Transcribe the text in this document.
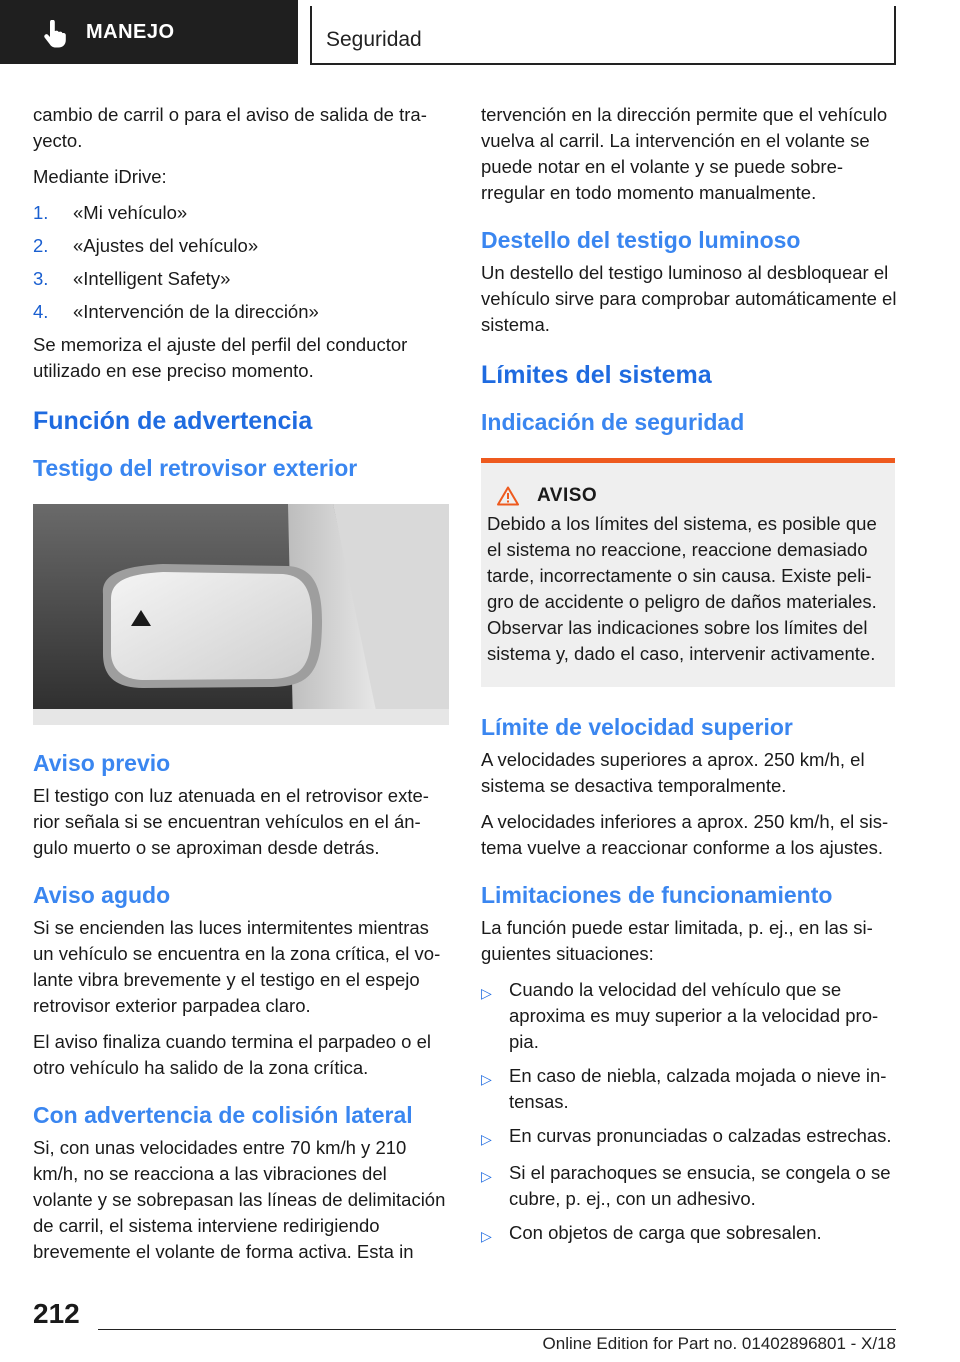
MANEJO	Seguridad

cambio de carril o para el aviso de salida de trayecto.

Mediante iDrive:

1.	«Mi vehículo»
2.	«Ajustes del vehículo»
3.	«Intelligent Safety»
4.	«Intervención de la dirección»

Se memoriza el ajuste del perfil del conductor utilizado en ese preciso momento.

Función de advertencia
Testigo del retrovisor exterior
Aviso previo

El testigo con luz atenuada en el retrovisor exterior señala si se encuentran vehículos en el ángulo muerto o se aproximan desde detrás.

Aviso agudo

Si se encienden las luces intermitentes mientras un vehículo se encuentra en la zona crítica, el volante vibra brevemente y el testigo en el espejo retrovisor exterior parpadea claro.

El aviso finaliza cuando termina el parpadeo o el otro vehículo ha salido de la zona crítica.

Con advertencia de colisión lateral

Si, con unas velocidades entre 70 km/h y 210 km/h, no se reacciona a las vibraciones del volante y se sobrepasan las líneas de delimitación de carril, el sistema interviene redirigiendo brevemente el volante de forma activa. Esta in

tervención en la dirección permite que el vehículo vuelva al carril. La intervención en el volante se puede notar en el volante y se puede sobrerregular en todo momento manualmente.

Destello del testigo luminoso

Un destello del testigo luminoso al desbloquear el vehículo sirve para comprobar automáticamente el sistema.

Límites del sistema
Indicación de seguridad
AVISO

Debido a los límites del sistema, es posible que el sistema no reaccione, reaccione demasiado tarde, incorrectamente o sin causa. Existe peligro de accidente o peligro de daños materiales. Observar las indicaciones sobre los límites del sistema y, dado el caso, intervenir activamente.

Límite de velocidad superior

A velocidades superiores a aprox. 250 km/h, el sistema se desactiva temporalmente.

A velocidades inferiores a aprox. 250 km/h, el sistema vuelve a reaccionar conforme a los ajustes.

Limitaciones de funcionamiento

La función puede estar limitada, p. ej., en las siguientes situaciones:

▷ Cuando la velocidad del vehículo que se aproxima es muy superior a la velocidad propia.
▷ En caso de niebla, calzada mojada o nieve intensas.
▷ En curvas pronunciadas o calzadas estrechas.
▷ Si el parachoques se ensucia, se congela o se cubre, p. ej., con un adhesivo.
▷ Con objetos de carga que sobresalen.
212
Online Edition for Part no. 01402896801 - X/18
